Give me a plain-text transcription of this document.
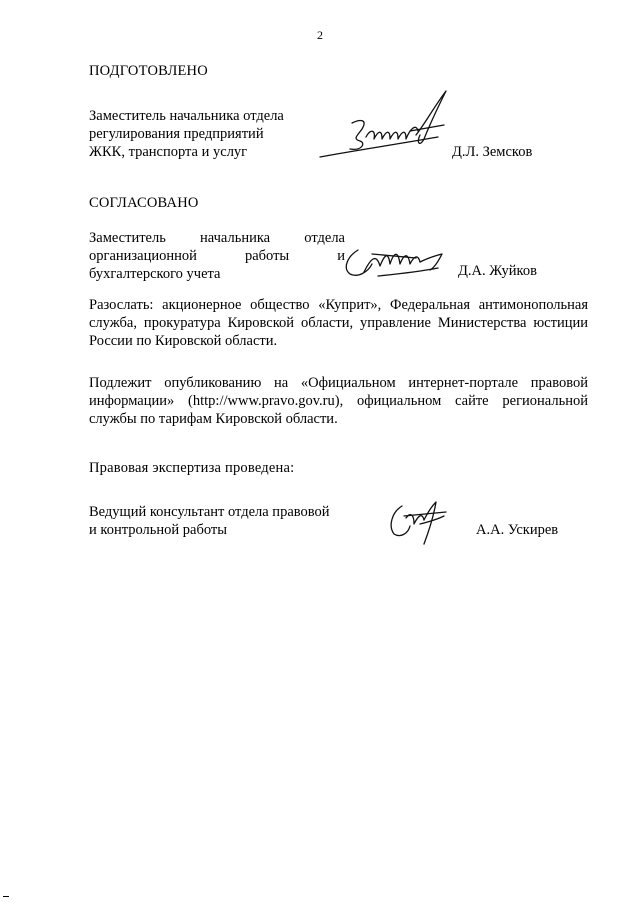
2
ПОДГОТОВЛЕНО
Заместитель начальника отдела
регулирования предприятий
ЖКК, транспорта и услуг	Д.Л. Земсков
СОГЛАСОВАНО
Заместитель начальника отдела
организационной работы и
бухгалтерского учета	Д.А. Жуйков
Разослать: акционерное общество «Куприт», Федеральная антимонопольная
служба, прокуратура Кировской области, управление Министерства юстиции
России по Кировской области.
Подлежит опубликованию на «Официальном интернет-портале правовой
информации» (http://www.pravo.gov.ru), официальном сайте региональной
службы по тарифам Кировской области.
Правовая экспертиза проведена:
Ведущий консультант отдела правовой
и контрольной работы	А.А. Ускирев
